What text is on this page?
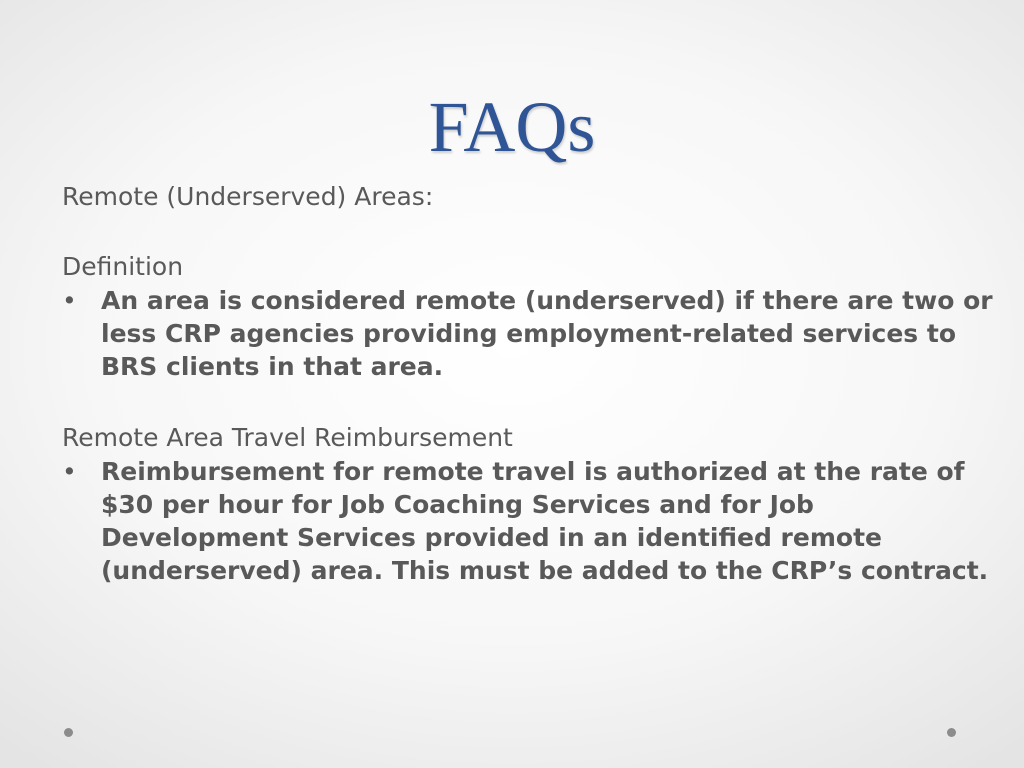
FAQs

Remote (Underserved) Areas:

Definition

• An area is considered remote (underserved) if there are two or less CRP agencies providing employment-related services to BRS clients in that area.

Remote Area Travel Reimbursement

• Reimbursement for remote travel is authorized at the rate of $30 per hour for Job Coaching Services and for Job Development Services provided in an identified remote (underserved) area. This must be added to the CRP’s contract.
